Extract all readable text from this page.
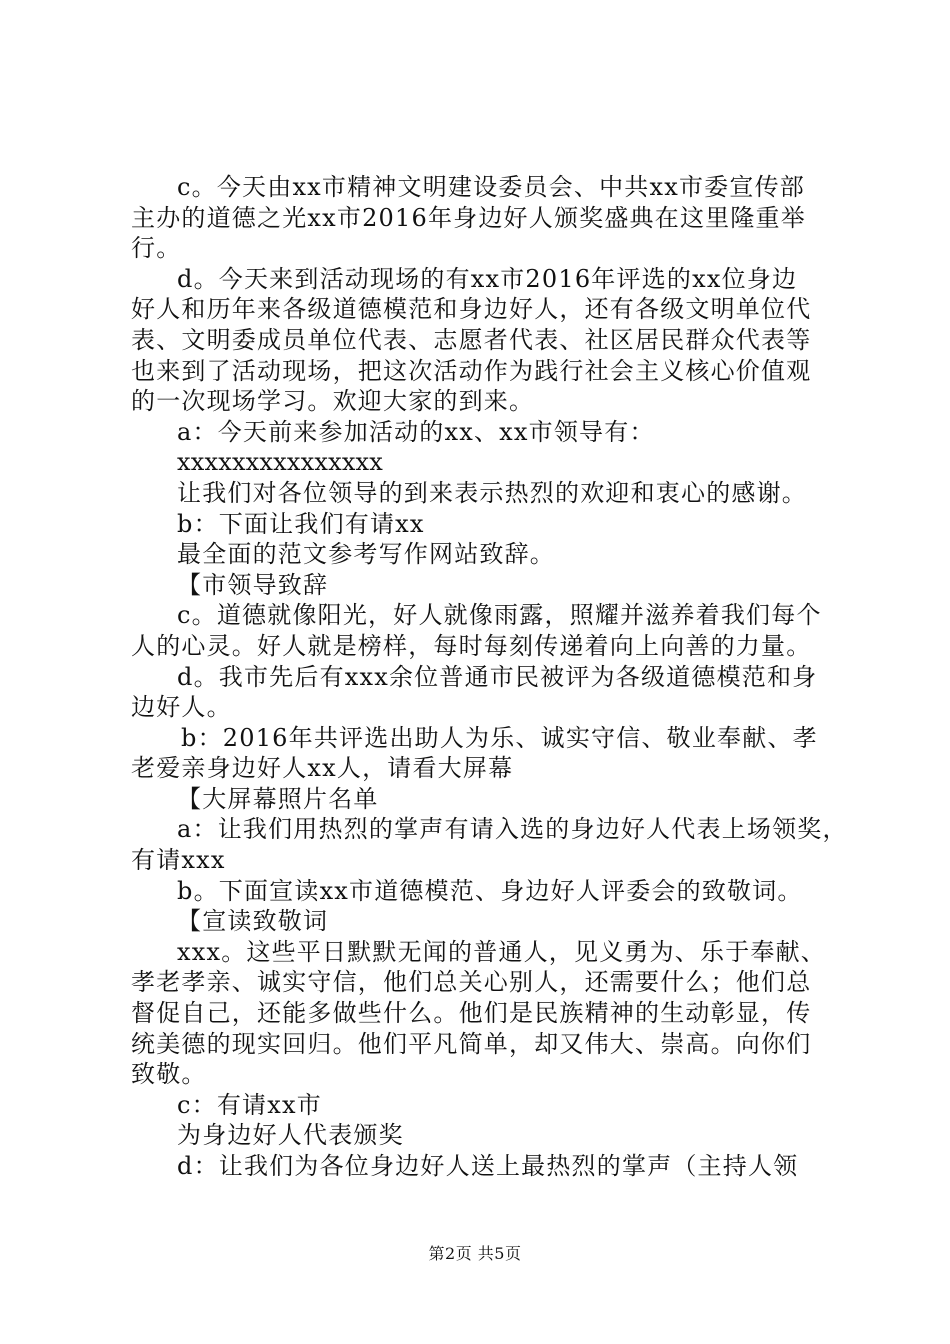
c。今天由xx市精神文明建设委员会、中共xx市委宣传部
主办的道德之光xx市2016年身边好人颁奖盛典在这里隆重举
行。
d。今天来到活动现场的有xx市2016年评选的xx位身边
好人和历年来各级道德模范和身边好人，还有各级文明单位代
表、文明委成员单位代表、志愿者代表、社区居民群众代表等
也来到了活动现场，把这次活动作为践行社会主义核心价值观
的一次现场学习。欢迎大家的到来。
a：今天前来参加活动的xx、xx市领导有：
xxxxxxxxxxxxxxx
让我们对各位领导的到来表示热烈的欢迎和衷心的感谢。
b：下面让我们有请xx
最全面的范文参考写作网站致辞。
【市领导致辞
c。道德就像阳光，好人就像雨露，照耀并滋养着我们每个
人的心灵。好人就是榜样，每时每刻传递着向上向善的力量。
d。我市先后有xxx余位普通市民被评为各级道德模范和身
边好人。
b：2016年共评选出助人为乐、诚实守信、敬业奉献、孝
老爱亲身边好人xx人，请看大屏幕
【大屏幕照片名单
a：让我们用热烈的掌声有请入选的身边好人代表上场领奖，
有请xxx
b。下面宣读xx市道德模范、身边好人评委会的致敬词。
【宣读致敬词
xxx。这些平日默默无闻的普通人，见义勇为、乐于奉献、
孝老孝亲、诚实守信，他们总关心别人，还需要什么；他们总
督促自己，还能多做些什么。他们是民族精神的生动彰显，传
统美德的现实回归。他们平凡简单，却又伟大、崇高。向你们
致敬。
c：有请xx市
为身边好人代表颁奖
d：让我们为各位身边好人送上最热烈的掌声（主持人领
第2页 共5页
